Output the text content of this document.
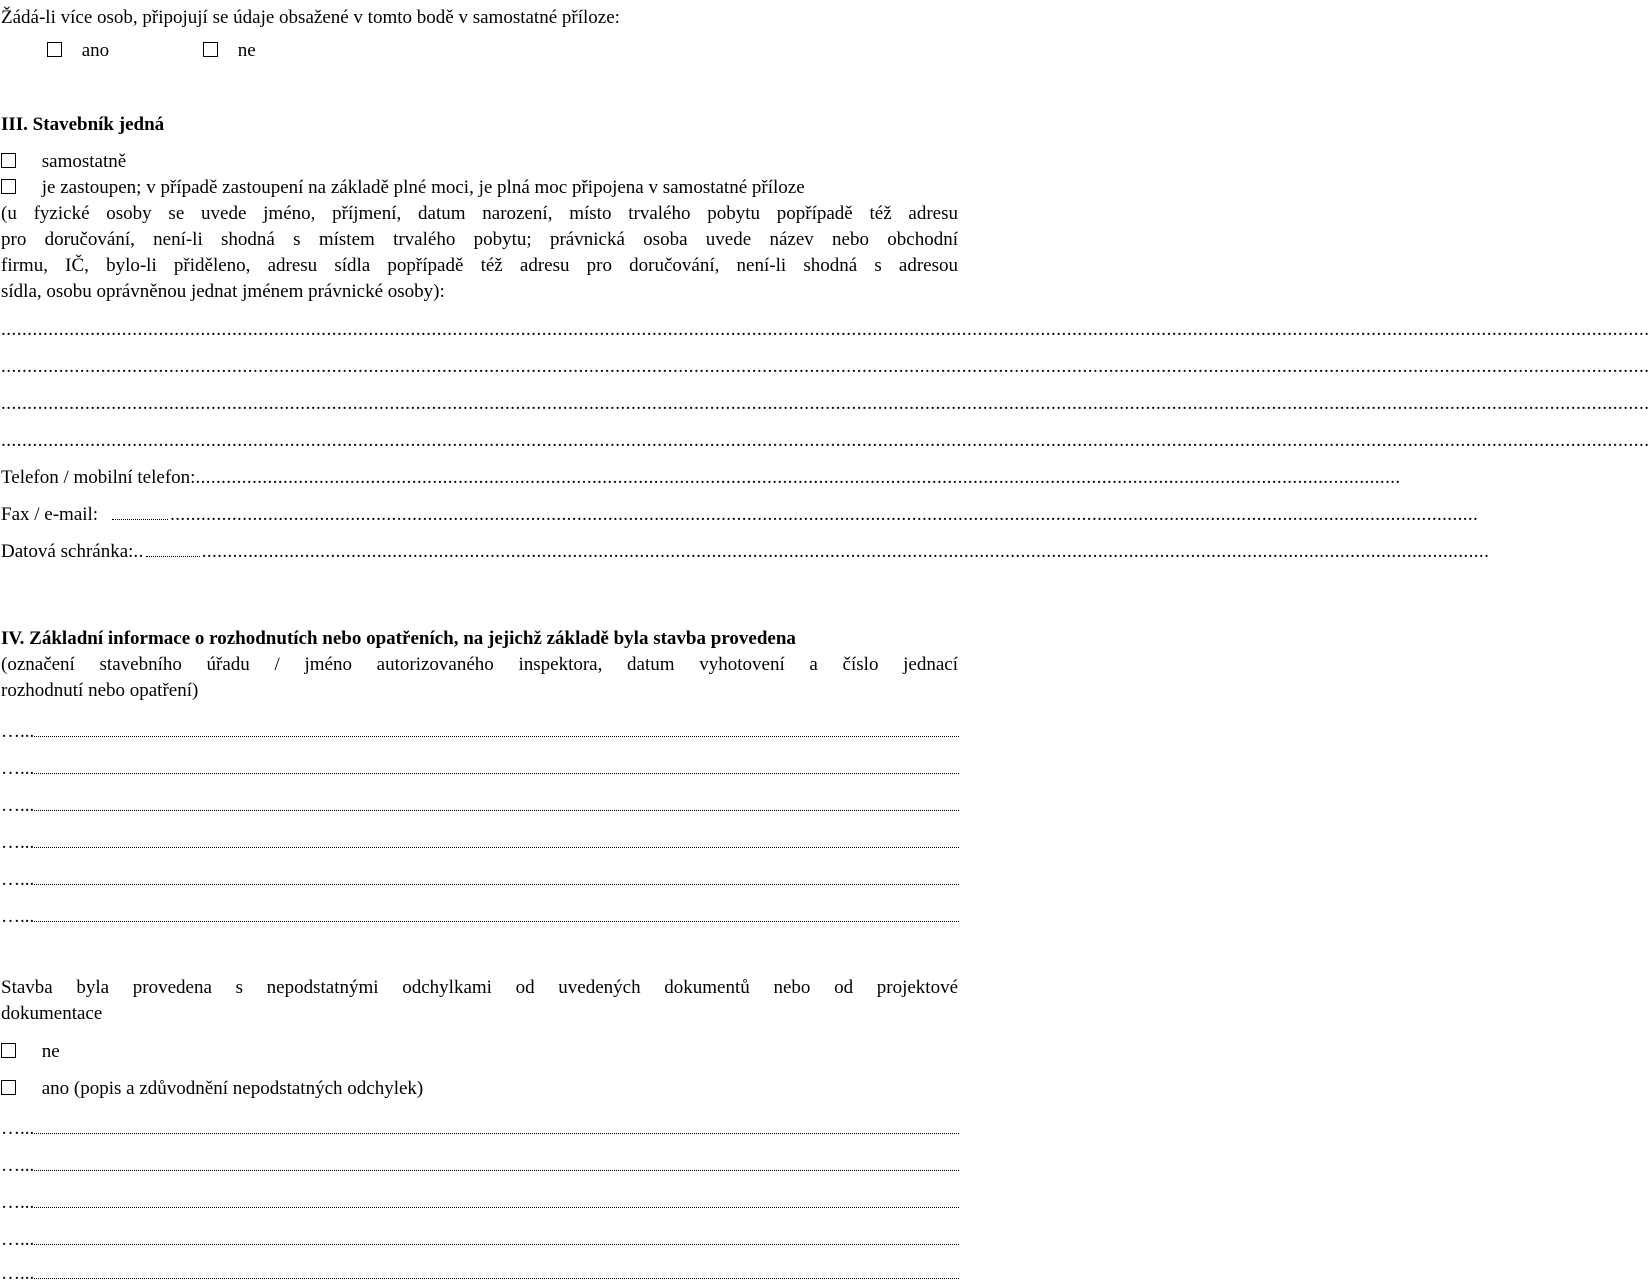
Žádá-li více osob, připojují se údaje obsažené v tomto bodě v samostatné příloze:
ano	ne
III. Stavebník jedná
samostatně
je zastoupen; v případě zastoupení na základě plné moci, je plná moc připojena v samostatné příloze
(u fyzické osoby se uvede jméno, příjmení, datum narození, místo trvalého pobytu popřípadě též adresu
pro doručování, není-li shodná s místem trvalého pobytu; právnická osoba uvede název nebo obchodní
firmu, IČ, bylo-li přiděleno, adresu sídla popřípadě též adresu pro doručování, není-li shodná s adresou
sídla, osobu oprávněnou jednat jménem právnické osoby):
..........................................................................................................................................................................................................................................................................................................................
..........................................................................................................................................................................................................................................................................................................................
..........................................................................................................................................................................................................................................................................................................................
..........................................................................................................................................................................................................................................................................................................................
Telefon / mobilní telefon:..........................................................................................................................................................................................................................................
Fax / e-mail:	..............................................................................................................................................................................................................................................................
Datová schránka:..	..........................................................................................................................................................................................................................................................
IV. Základní informace o rozhodnutích nebo opatřeních, na jejichž základě byla stavba provedena
(označení stavebního úřadu / jméno autorizovaného inspektora, datum vyhotovení a číslo jednací
rozhodnutí nebo opatření)
…...
…...
…...
…...
…...
…...
Stavba byla provedena s nepodstatnými odchylkami od uvedených dokumentů nebo od projektové
dokumentace
ne
ano (popis a zdůvodnění nepodstatných odchylek)
…...
…...
…...
…...
…...
